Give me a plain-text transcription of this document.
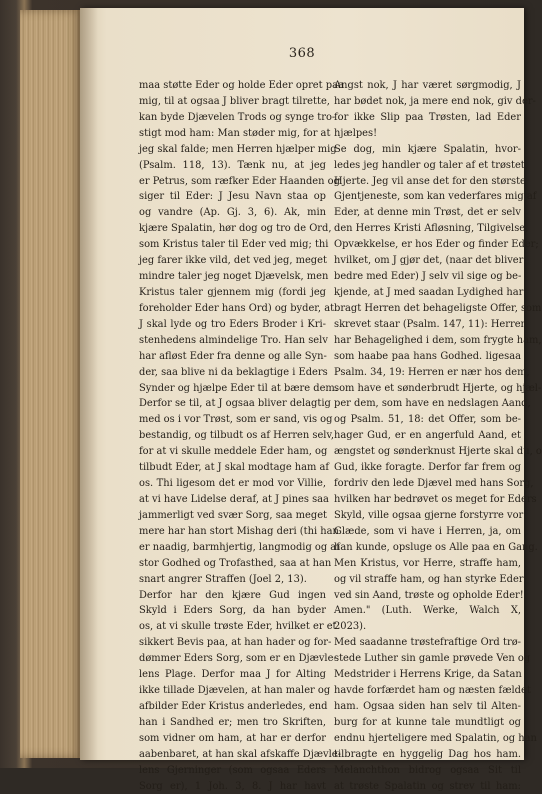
368
maa støtte Eder og holde Eder opret paa
mig, til at ogsaa J bliver bragt tilrette,
kan byde Djævelen Trods og synge tro-
stigt mod ham: Man støder mig, for at
jeg skal falde; men Herren hjælper mig
(Psalm. 118, 13). Tænk nu, at jeg
er Petrus, som ræfker Eder Haanden og
siger til Eder: J Jesu Navn staa op
og vandre (Ap. Gj. 3, 6). Ak, min
kjære Spalatin, hør dog og tro de Ord,
som Kristus taler til Eder ved mig; thi
jeg farer ikke vild, det ved jeg, meget
mindre taler jeg noget Djævelsk, men
Kristus taler gjennem mig (fordi jeg
foreholder Eder hans Ord) og byder, at
J skal lyde og tro Eders Broder i Kri-
stenhedens almindelige Tro. Han selv
har afløst Eder fra denne og alle Syn-
der, saa blive ni da beklagtige i Eders
Synder og hjælpe Eder til at bære dem.
Derfor se til, at J ogsaa bliver delagtig
med os i vor Trøst, som er sand, vis og
bestandig, og tilbudt os af Herren selv,
for at vi skulle meddele Eder ham, og
tilbudt Eder, at J skal modtage ham af
os. Thi ligesom det er mod vor Villie,
at vi have Lidelse deraf, at J pines saa
jammerligt ved svær Sorg, saa meget
mere har han stort Mishag deri (thi han
er naadig, barmhjertig, langmodig og af
stor Godhed og Trofasthed, saa at han
snart angrer Straffen (Joel 2, 13).
Derfor har den kjære Gud ingen
Skyld i Eders Sorg, da han byder
os, at vi skulle trøste Eder, hvilket er et
sikkert Bevis paa, at han hader og for-
dømmer Eders Sorg, som er en Djævle-
lens Plage. Derfor maa J for Alting
ikke tillade Djævelen, at han maler og
afbilder Eder Kristus anderledes, end
han i Sandhed er; men tro Skriften,
som vidner om ham, at har er derfor
aabenbaret, at han skal afskaffe Djævle-
lens Gjerninger (som ogsaa Eders
Sorg er), 1 Joh. 3, 8. J har havt
Angst nok, J har været sørgmodig, J
har bødet nok, ja mere end nok, giv der-
for ikke Slip paa Trøsten, lad Eder
hjælpes!
Se dog, min kjære Spalatin, hvor-
ledes jeg handler og taler af et trøstet
Hjerte. Jeg vil anse det for den største
Gjentjeneste, som kan vederfares mig af
Eder, at denne min Trøst, det er selv
den Herres Kristi Afløsning, Tilgivelse,
Opvækkelse, er hos Eder og finder Eder;
hvilket, om J gjør det, (naar det bliver
bedre med Eder) J selv vil sige og be-
kjende, at J med saadan Lydighed har
bragt Herren det behageligste Offer, som
skrevet staar (Psalm. 147, 11): Herren
har Behagelighed i dem, som frygte ham,
som haabe paa hans Godhed. ligesaa
Psalm. 34, 19: Herren er nær hos dem,
som have et sønderbrudt Hjerte, og hjæl-
per dem, som have en nedslagen Aand,
og Psalm. 51, 18: det Offer, som be-
hager Gud, er en angerfuld Aand, et
ængstet og sønderknust Hjerte skal du, o
Gud, ikke foragte. Derfor far frem og
fordriv den lede Djævel med hans Sorg,
hvilken har bedrøvet os meget for Eders
Skyld, ville ogsaa gjerne forstyrre vor
Glæde, som vi have i Herren, ja, om
han kunde, opsluge os Alle paa en Gang.
Men Kristus, vor Herre, straffe ham,
og vil straffe ham, og han styrke Eder
ved sin Aand, trøste og opholde Eder!
Amen." (Luth. Werke, Walch X,
2023).
Med saadanne trøstefraftige Ord trø-
stede Luther sin gamle prøvede Ven og
Medstrider i Herrens Krige, da Satan
havde forfærdet ham og næsten fældet
ham. Ogsaa siden han selv til Alten-
burg for at kunne tale mundtligt og
endnu hjerteligere med Spalatin, og han
tilbragte en hyggelig Dag hos ham.
Melanchthon bidrog ogsaa Sit til
at trøste Spalatin og strev til ham:
